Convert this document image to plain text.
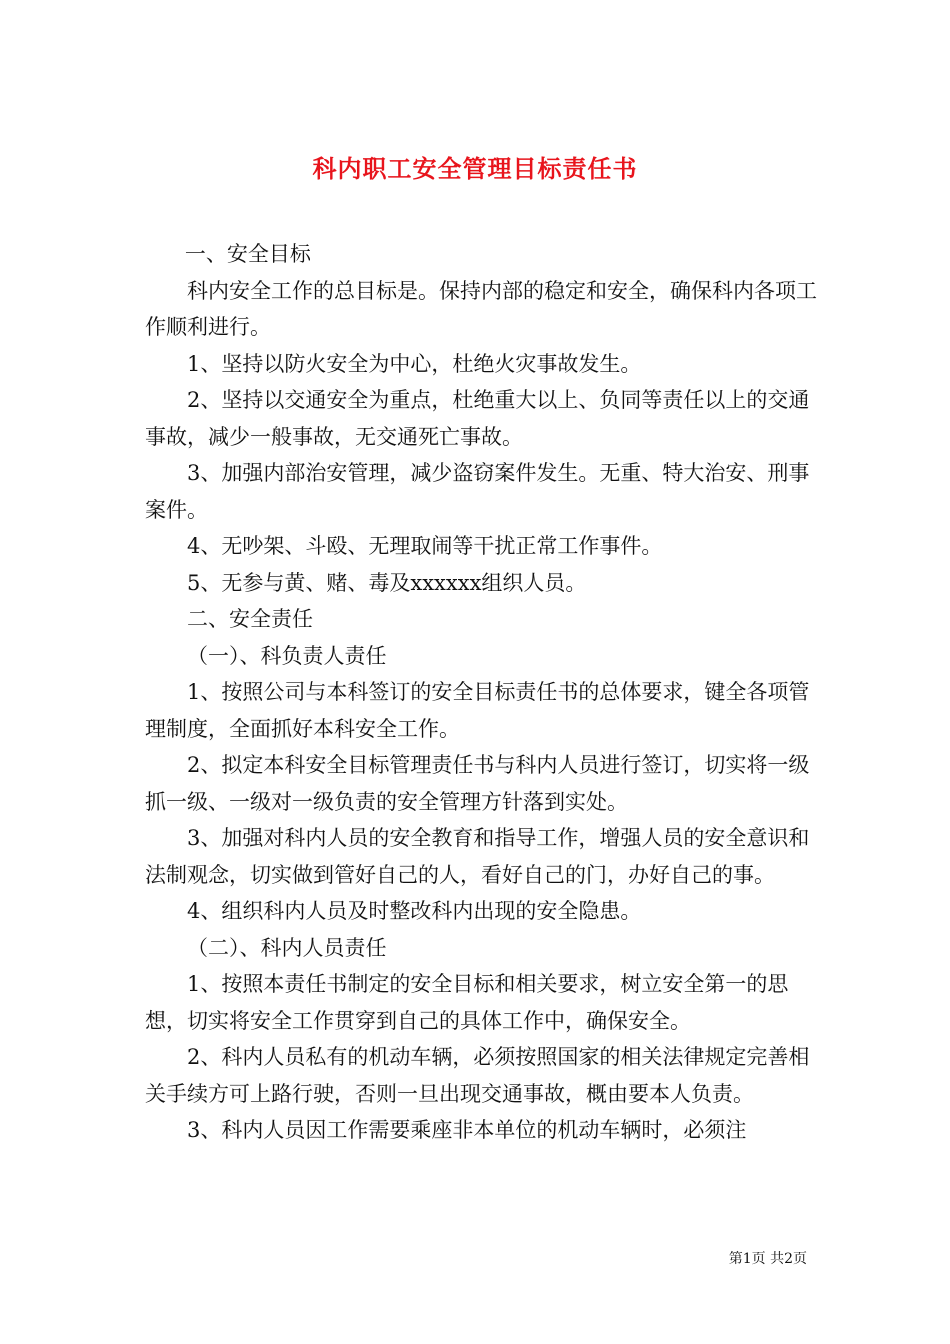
科内职工安全管理目标责任书

一、安全目标

科内安全工作的总目标是。保持内部的稳定和安全，确保科内各项工作顺利进行。

1、坚持以防火安全为中心，杜绝火灾事故发生。

2、坚持以交通安全为重点，杜绝重大以上、负同等责任以上的交通事故，减少一般事故，无交通死亡事故。

3、加强内部治安管理，减少盗窃案件发生。无重、特大治安、刑事案件。

4、无吵架、斗殴、无理取闹等干扰正常工作事件。

5、无参与黄、赌、毒及xxxxxx组织人员。

二、安全责任

（一）、科负责人责任

1、按照公司与本科签订的安全目标责任书的总体要求，键全各项管理制度，全面抓好本科安全工作。

2、拟定本科安全目标管理责任书与科内人员进行签订，切实将一级抓一级、一级对一级负责的安全管理方针落到实处。

3、加强对科内人员的安全教育和指导工作，增强人员的安全意识和法制观念，切实做到管好自己的人，看好自己的门，办好自己的事。

4、组织科内人员及时整改科内出现的安全隐患。

（二）、科内人员责任

1、按照本责任书制定的安全目标和相关要求，树立安全第一的思想，切实将安全工作贯穿到自己的具体工作中，确保安全。

2、科内人员私有的机动车辆，必须按照国家的相关法律规定完善相关手续方可上路行驶，否则一旦出现交通事故，概由要本人负责。

3、科内人员因工作需要乘座非本单位的机动车辆时，必须注

第1页 共2页
